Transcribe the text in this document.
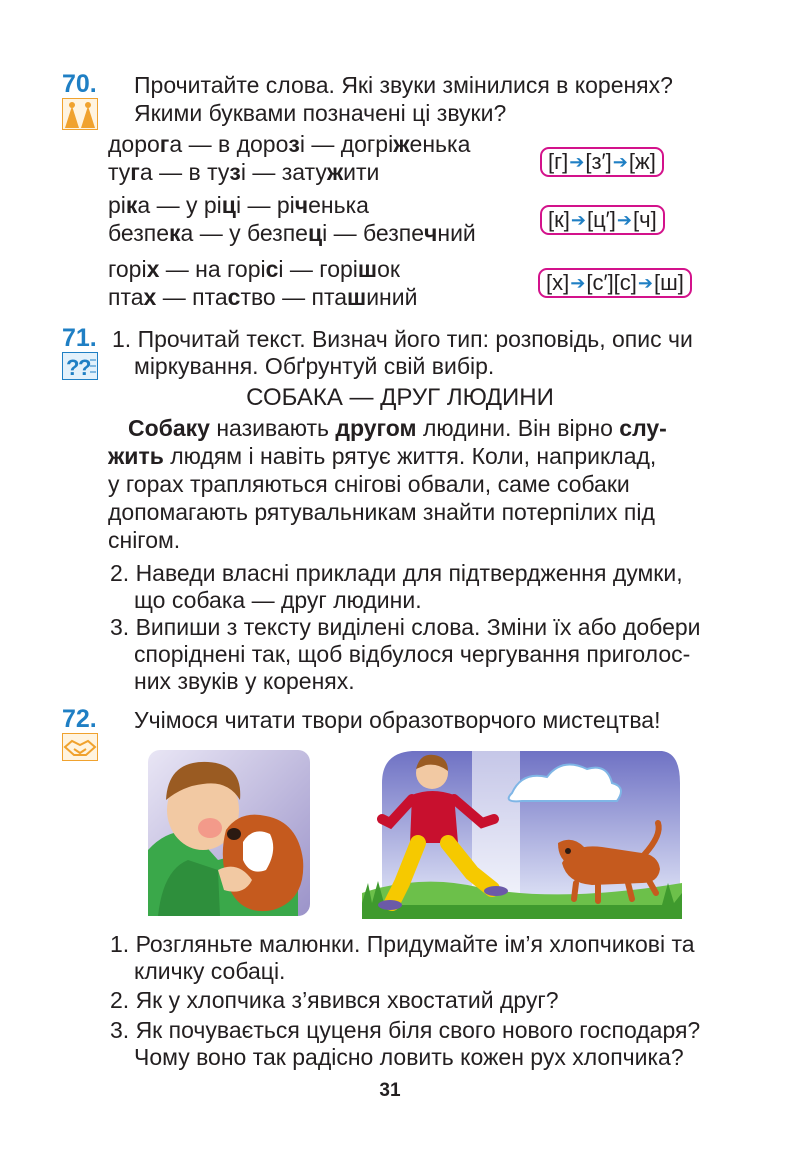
70. Прочитайте слова. Які звуки змінилися в коренях?
Якими буквами позначені ці звуки?
дорога — в дорозі — догріженька
туга — в тузі — затужити
ріка — у ріці — річенька
безпека — у безпеці — безпечний
горіх — на горісі — горішок
птах — птаство — пташиний
[г] ➔ [з′] ➔ [ж]
[к] ➔ [ц′] ➔ [ч]
[х] ➔ [с′][с] ➔ [ш]
71.
?
?
1. Прочитай текст. Визнач його тип: розповідь, опис чи
міркування. Обґрунтуй свій вибір.
СОБАКА — ДРУГ ЛЮДИНИ
Собаку називають другом людини. Він вірно слу-
жить людям і навіть рятує життя. Коли, наприклад,
у горах трапляються снігові обвали, саме собаки
допомагають рятувальникам знайти потерпілих під
снігом.
2. Наведи власні приклади для підтвердження думки,
що собака — друг людини.
3. Випиши з тексту виділені слова. Зміни їх або добери
споріднені так, щоб відбулося чергування приголос-
них звуків у коренях.
72. Учімося читати твори образотворчого мистецтва!
1. Розгляньте малюнки. Придумайте ім’я хлопчикові та
кличку собаці.
2. Як у хлопчика з’явився хвостатий друг?
3. Як почувається цуценя біля свого нового господаря?
Чому воно так радісно ловить кожен рух хлопчика?
31
